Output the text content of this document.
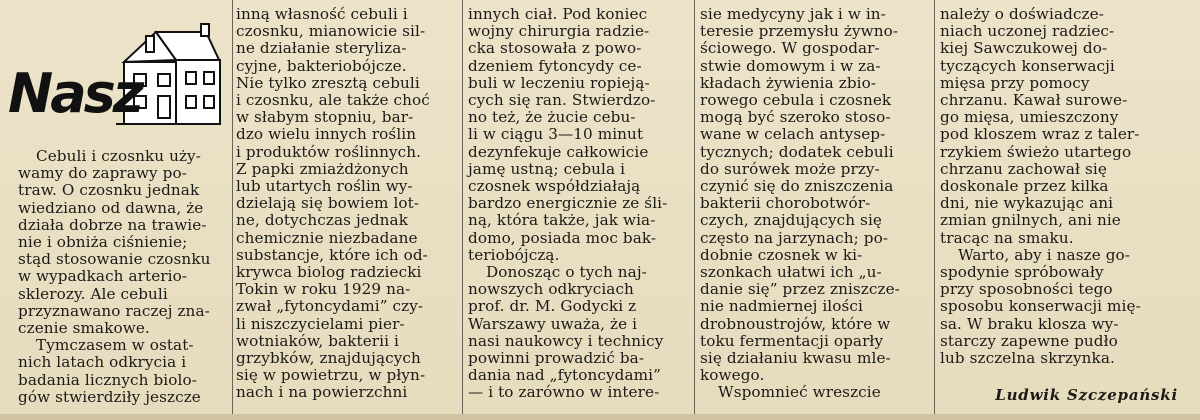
Nasz
Cebuli i czosnku uży-
wamy do zaprawy po-
traw. O czosnku jednak
wiedziano od dawna, że
działa dobrze na trawie-
nie i obniża ciśnienie;
stąd stosowanie czosnku
w wypadkach arterio-
sklerozy. Ale cebuli
przyznawano raczej zna-
czenie smakowe.
Tymczasem w ostat-
nich latach odkrycia i
badania licznych biolo-
gów stwierdziły jeszcze
inną własność cebuli i
czosnku, mianowicie sil-
ne działanie steryliza-
cyjne, bakteriobójcze.
Nie tylko zresztą cebuli
i czosnku, ale także choć
w słabym stopniu, bar-
dzo wielu innych roślin
i produktów roślinnych.
Z papki zmiażdżonych
lub utartych roślin wy-
dzielają się bowiem lot-
ne, dotychczas jednak
chemicznie niezbadane
substancje, które ich od-
krywca biolog radziecki
Tokin w roku 1929 na-
zwał „fytoncydami” czy-
li niszczycielami pier-
wotniaków, bakterii i
grzybków, znajdujących
się w powietrzu, w płyn-
nach i na powierzchni
innych ciał. Pod koniec
wojny chirurgia radzie-
cka stosowała z powo-
dzeniem fytoncydy ce-
buli w leczeniu ropieją-
cych się ran. Stwierdzo-
no też, że żucie cebu-
li w ciągu 3—10 minut
dezynfekuje całkowicie
jamę ustną; cebula i
czosnek współdziałają
bardzo energicznie ze śli-
ną, która także, jak wia-
domo, posiada moc bak-
teriobójczą.
Donosząc o tych naj-
nowszych odkryciach
prof. dr. M. Godycki z
Warszawy uważa, że i
nasi naukowcy i technicy
powinni prowadzić ba-
dania nad „fytoncydami”
— i to zarówno w intere-
sie medycyny jak i w in-
teresie przemysłu żywno-
ściowego. W gospodar-
stwie domowym i w za-
kładach żywienia zbio-
rowego cebula i czosnek
mogą być szeroko stoso-
wane w celach antysep-
tycznych; dodatek cebuli
do surówek może przy-
czynić się do zniszczenia
bakterii chorobotwór-
czych, znajdujących się
często na jarzynach; po-
dobnie czosnek w ki-
szonkach ułatwi ich „u-
danie się” przez zniszcze-
nie nadmiernej ilości
drobnoustrojów, które w
toku fermentacji oparły
się działaniu kwasu mle-
kowego.
Wspomnieć wreszcie
należy o doświadcze-
niach uczonej radziec-
kiej Sawczukowej do-
tyczących konserwacji
mięsa przy pomocy
chrzanu. Kawał surowe-
go mięsa, umieszczony
pod kloszem wraz z taler-
rzykiem świeżo utartego
chrzanu zachował się
doskonale przez kilka
dni, nie wykazując ani
zmian gnilnych, ani nie
tracąc na smaku.
Warto, aby i nasze go-
spodynie spróbowały
przy sposobności tego
sposobu konserwacji mię-
sa. W braku klosza wy-
starczy zapewne pudło
lub szczelna skrzynka.
Ludwik Szczepański
